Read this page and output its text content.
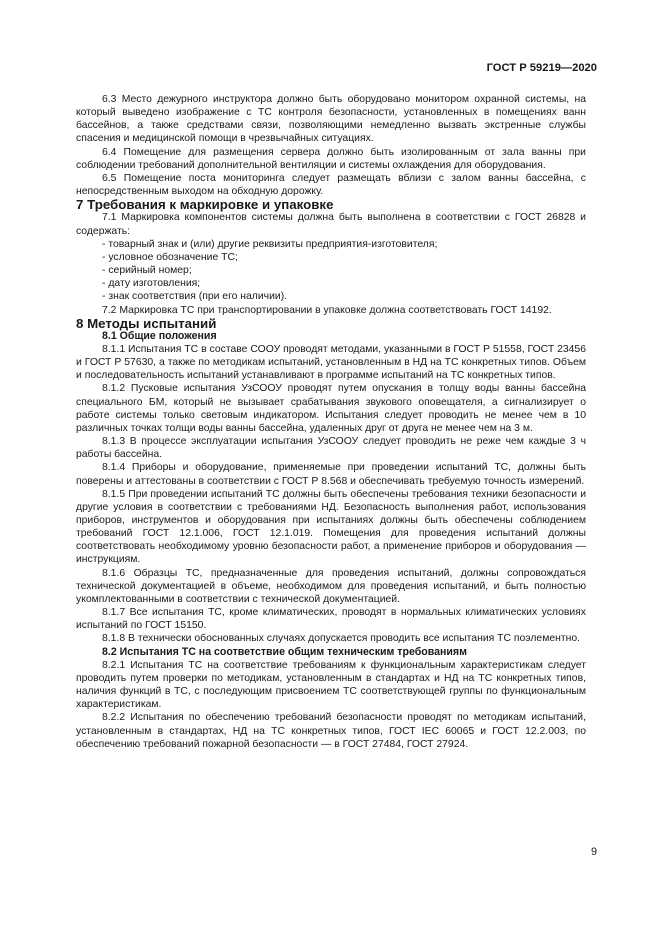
ГОСТ Р 59219—2020

6.3 Место дежурного инструктора должно быть оборудовано монитором охранной системы, на который выведено изображение с ТС контроля безопасности, установленных в помещениях ванн бассейнов, а также средствами связи, позволяющими немедленно вызвать экстренные службы спасения и медицинской помощи в чрезвычайных ситуациях.

6.4 Помещение для размещения сервера должно быть изолированным от зала ванны при соблюдении требований дополнительной вентиляции и системы охлаждения для оборудования.

6.5 Помещение поста мониторинга следует размещать вблизи с залом ванны бассейна, с непосредственным выходом на обходную дорожку.

7 Требования к маркировке и упаковке

7.1 Маркировка компонентов системы должна быть выполнена в соответствии с ГОСТ 26828 и содержать:

- товарный знак и (или) другие реквизиты предприятия-изготовителя;

- условное обозначение ТС;

- серийный номер;

- дату изготовления;

- знак соответствия (при его наличии).

7.2 Маркировка ТС при транспортировании в упаковке должна соответствовать ГОСТ 14192.

8 Методы испытаний

8.1 Общие положения

8.1.1 Испытания ТС в составе СООУ проводят методами, указанными в ГОСТ Р 51558, ГОСТ 23456 и ГОСТ Р 57630, а также по методикам испытаний, установленным в НД на ТС конкретных типов. Объем и последовательность испытаний устанавливают в программе испытаний на ТС конкретных типов.

8.1.2 Пусковые испытания УзСООУ проводят путем опускания в толщу воды ванны бассейна специального БМ, который не вызывает срабатывания звукового оповещателя, а сигнализирует о работе системы только световым индикатором. Испытания следует проводить не менее чем в 10 различных точках толщи воды ванны бассейна, удаленных друг от друга не менее чем на 3 м.

8.1.3 В процессе эксплуатации испытания УзСООУ следует проводить не реже чем каждые 3 ч работы бассейна.

8.1.4 Приборы и оборудование, применяемые при проведении испытаний ТС, должны быть поверены и аттестованы в соответствии с ГОСТ Р 8.568 и обеспечивать требуемую точность измерений.

8.1.5 При проведении испытаний ТС должны быть обеспечены требования техники безопасности и другие условия в соответствии с требованиями НД. Безопасность выполнения работ, использования приборов, инструментов и оборудования при испытаниях должны быть обеспечены соблюдением требований ГОСТ 12.1.006, ГОСТ 12.1.019. Помещения для проведения испытаний должны соответствовать необходимому уровню безопасности работ, а применение приборов и оборудования — инструкциям.

8.1.6 Образцы ТС, предназначенные для проведения испытаний, должны сопровождаться технической документацией в объеме, необходимом для проведения испытаний, и быть полностью укомплектованными в соответствии с технической документацией.

8.1.7 Все испытания ТС, кроме климатических, проводят в нормальных климатических условиях испытаний по ГОСТ 15150.

8.1.8 В технически обоснованных случаях допускается проводить все испытания ТС поэлементно.

8.2 Испытания ТС на соответствие общим техническим требованиям

8.2.1 Испытания ТС на соответствие требованиям к функциональным характеристикам следует проводить путем проверки по методикам, установленным в стандартах и НД на ТС конкретных типов, наличия функций в ТС, с последующим присвоением ТС соответствующей группы по функциональным характеристикам.

8.2.2 Испытания по обеспечению требований безопасности проводят по методикам испытаний, установленным в стандартах, НД на ТС конкретных типов, ГОСТ IEC 60065 и ГОСТ 12.2.003, по обеспечению требований пожарной безопасности — в ГОСТ 27484, ГОСТ 27924.

9
